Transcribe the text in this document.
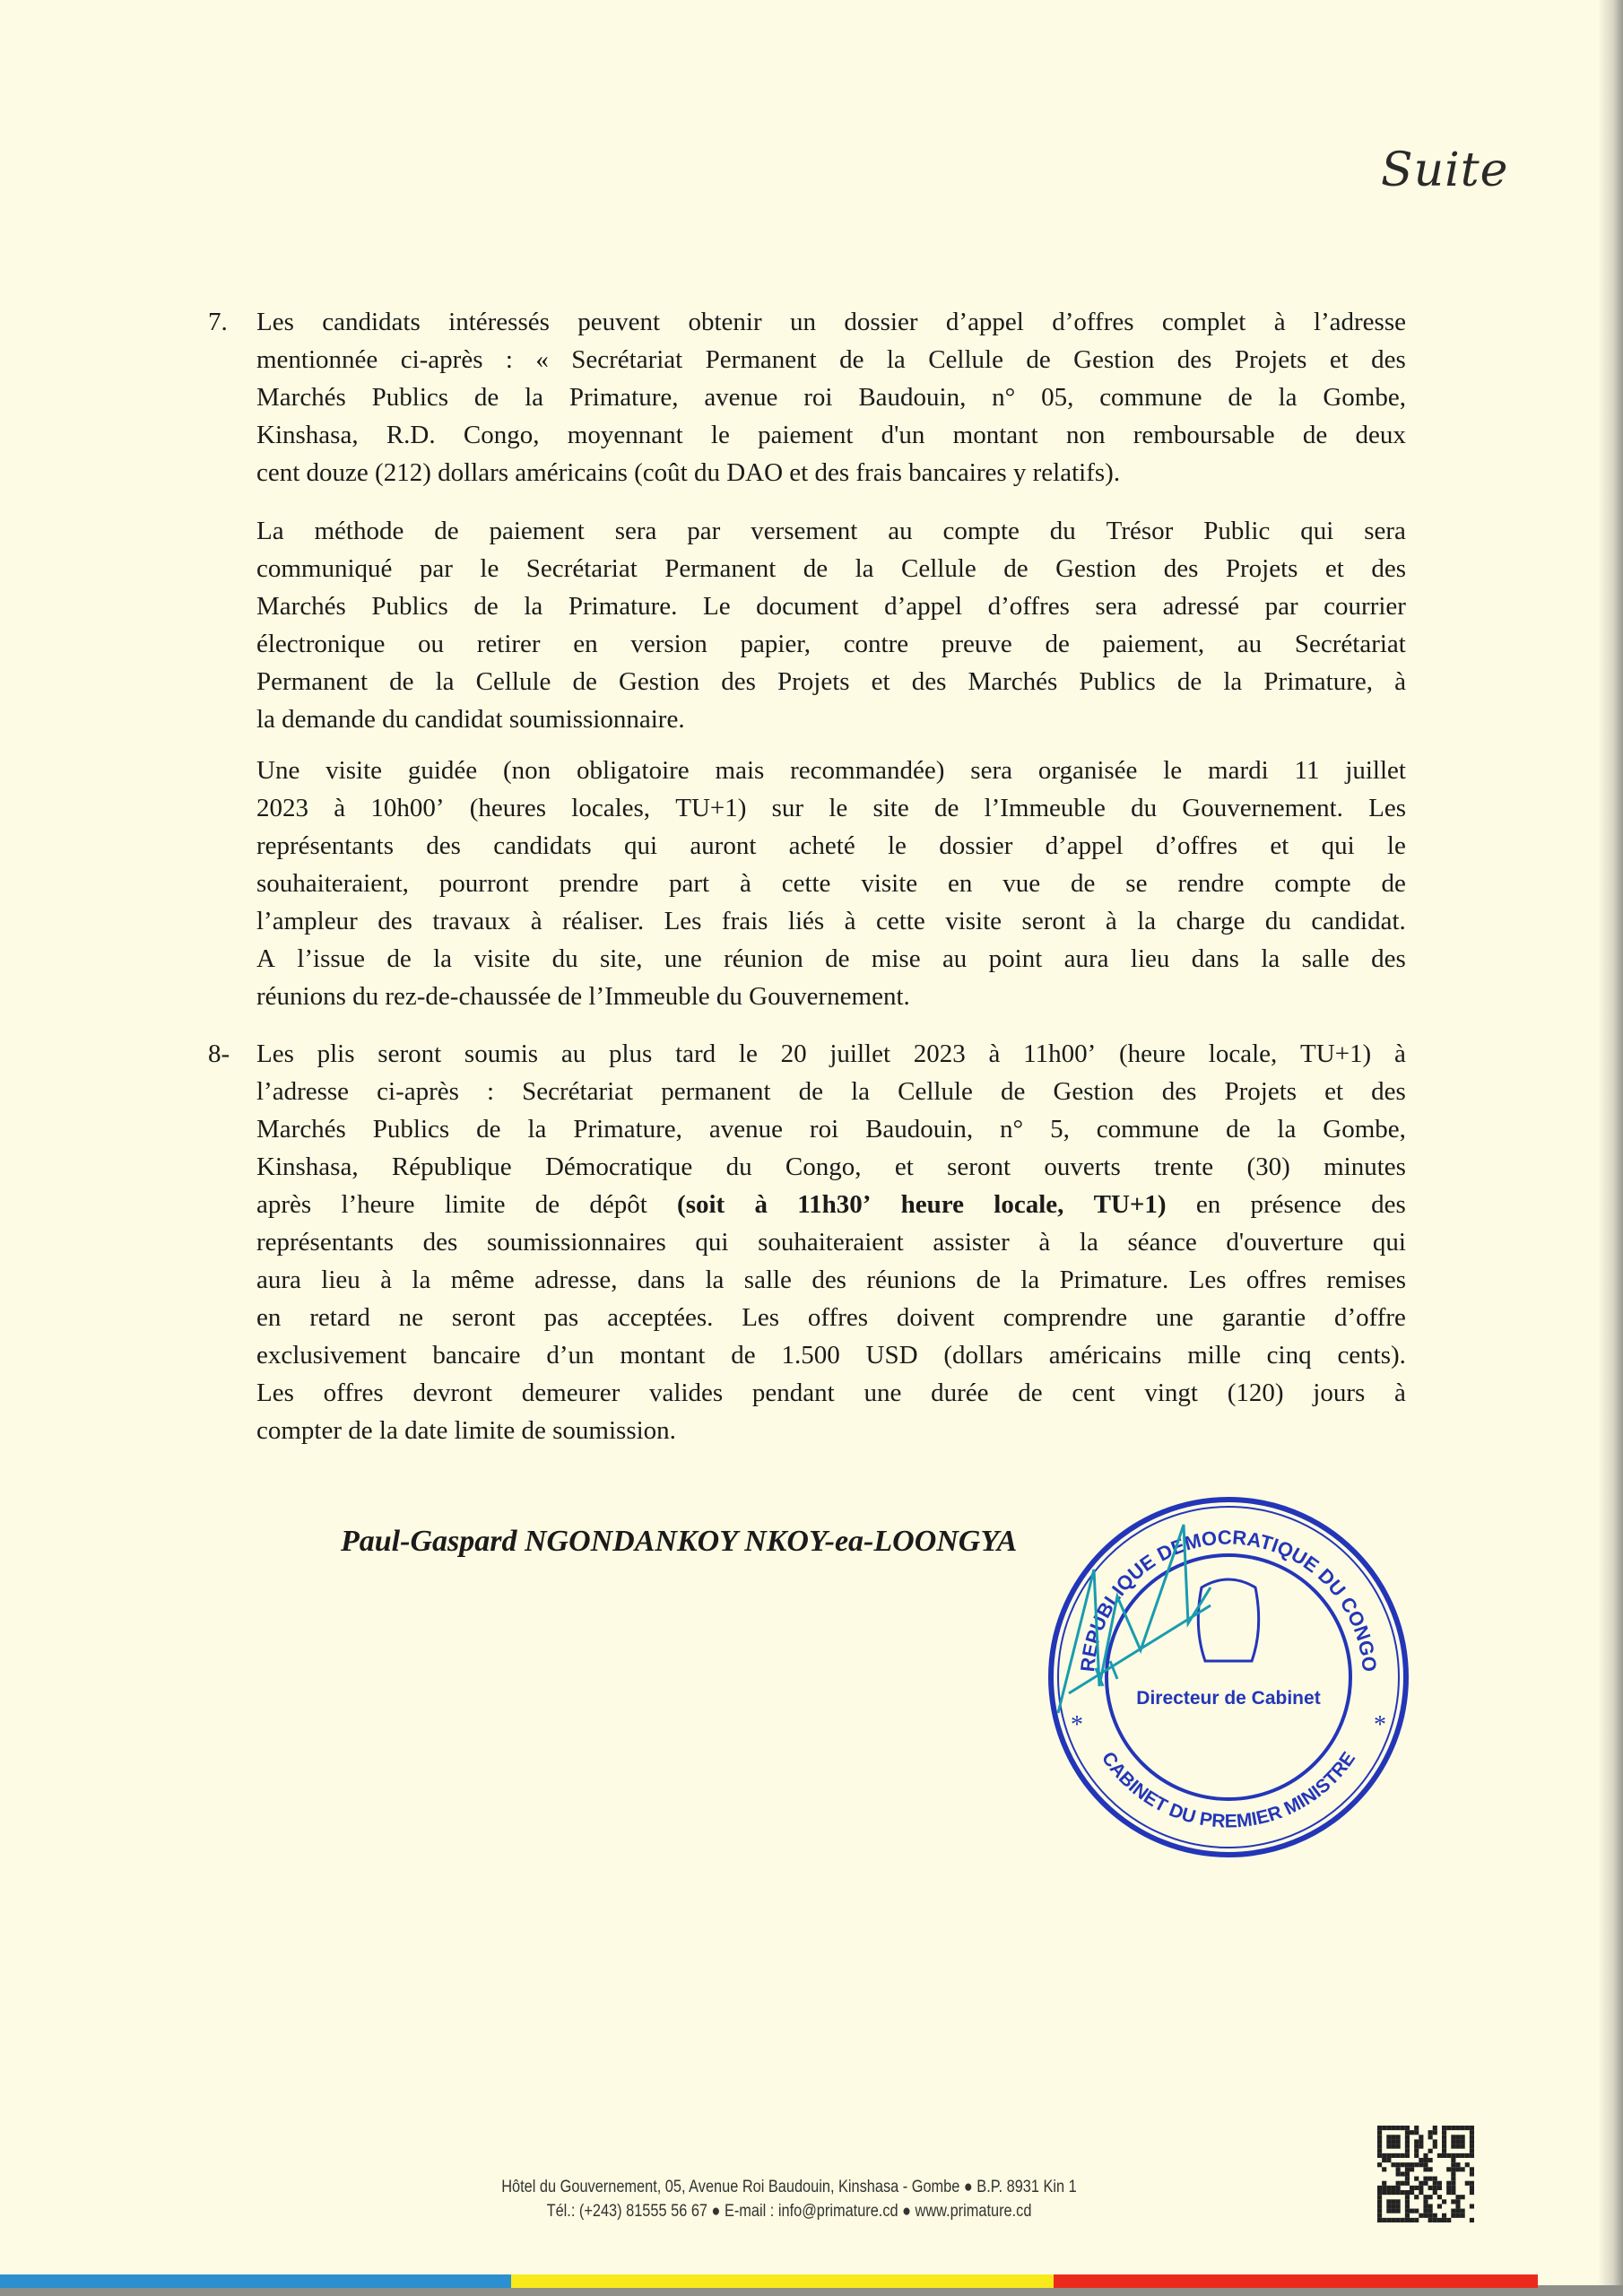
Suite
7. Les candidats intéressés peuvent obtenir un dossier d’appel d’offres complet à l’adresse
mentionnée ci-après : « Secrétariat Permanent de la Cellule de Gestion des Projets et des
Marchés Publics de la Primature, avenue roi Baudouin, n° 05, commune de la Gombe,
Kinshasa, R.D. Congo, moyennant le paiement d'un montant non remboursable de deux
cent douze (212) dollars américains (coût du DAO et des frais bancaires y relatifs).
La méthode de paiement sera par versement au compte du Trésor Public qui sera
communiqué par le Secrétariat Permanent de la Cellule de Gestion des Projets et des
Marchés Publics de la Primature. Le document d’appel d’offres sera adressé par courrier
électronique ou retirer en version papier, contre preuve de paiement, au Secrétariat
Permanent de la Cellule de Gestion des Projets et des Marchés Publics de la Primature, à
la demande du candidat soumissionnaire.
Une visite guidée (non obligatoire mais recommandée) sera organisée le mardi 11 juillet
2023 à 10h00’ (heures locales, TU+1) sur le site de l’Immeuble du Gouvernement. Les
représentants des candidats qui auront acheté le dossier d’appel d’offres et qui le
souhaiteraient, pourront prendre part à cette visite en vue de se rendre compte de
l’ampleur des travaux à réaliser. Les frais liés à cette visite seront à la charge du candidat.
A l’issue de la visite du site, une réunion de mise au point aura lieu dans la salle des
réunions du rez-de-chaussée de l’Immeuble du Gouvernement.
8- Les plis seront soumis au plus tard le 20 juillet 2023 à 11h00’ (heure locale, TU+1) à
l’adresse ci-après : Secrétariat permanent de la Cellule de Gestion des Projets et des
Marchés Publics de la Primature, avenue roi Baudouin, n° 5, commune de la Gombe,
Kinshasa, République Démocratique du Congo, et seront ouverts trente (30) minutes
après l’heure limite de dépôt (soit à 11h30’ heure locale, TU+1) en présence des
représentants des soumissionnaires qui souhaiteraient assister à la séance d'ouverture qui
aura lieu à la même adresse, dans la salle des réunions de la Primature. Les offres remises
en retard ne seront pas acceptées. Les offres doivent comprendre une garantie d’offre
exclusivement bancaire d’un montant de 1.500 USD (dollars américains mille cinq cents).
Les offres devront demeurer valides pendant une durée de cent vingt (120) jours à
compter de la date limite de soumission.
Paul-Gaspard NGONDANKOY NKOY-ea-LOONGYA
REPUBLIQUE DEMOCRATIQUE DU CONGO
CABINET DU PREMIER MINISTRE
Directeur de Cabinet
*	*
Hôtel du Gouvernement, 05, Avenue Roi Baudouin, Kinshasa - Gombe ● B.P. 8931 Kin 1
Tél.: (+243) 81555 56 67 ● E-mail : info@primature.cd ● www.primature.cd
